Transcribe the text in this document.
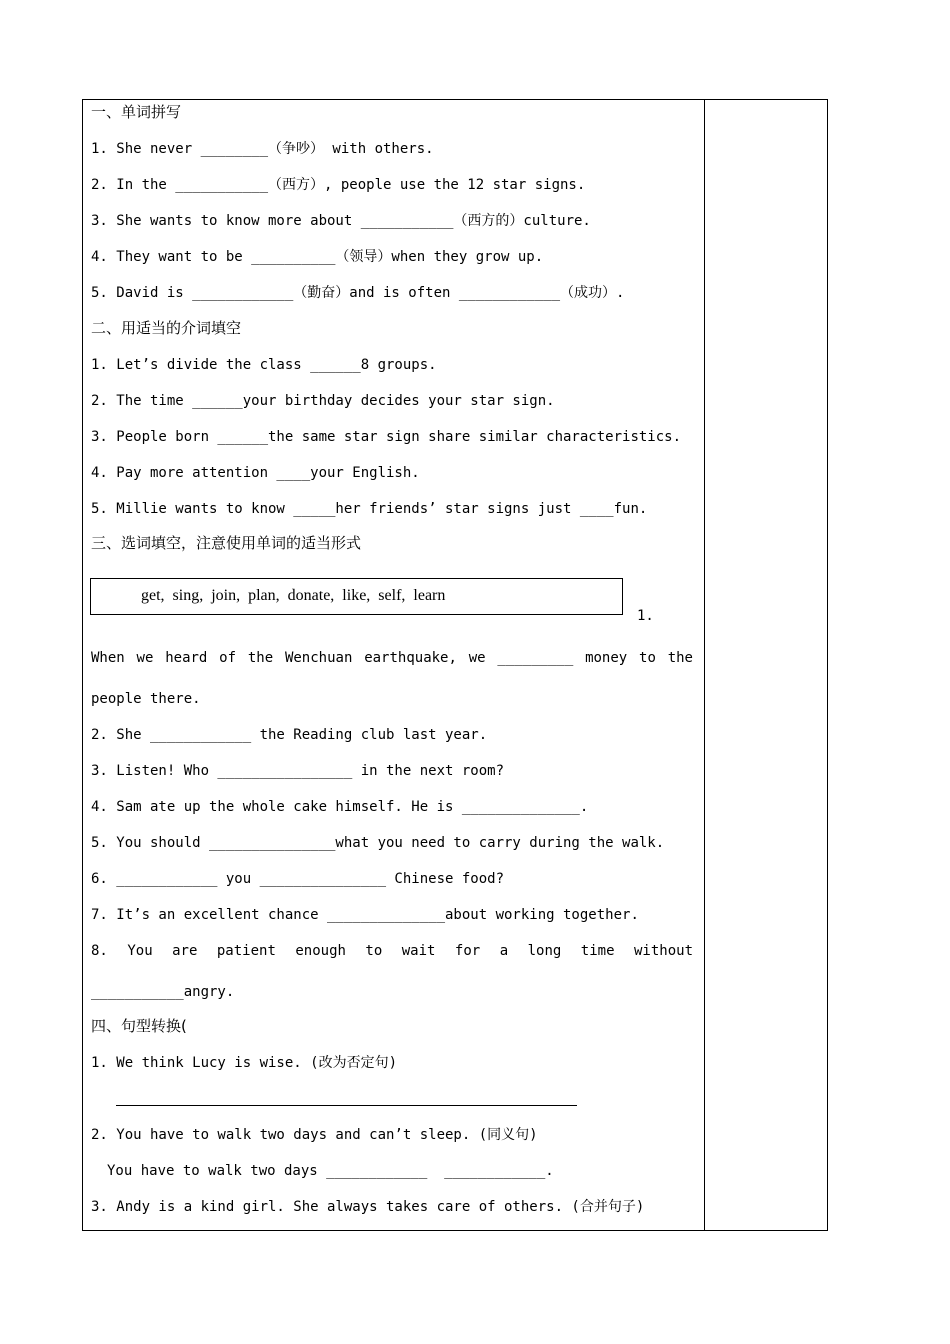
一、单词拼写
1. She never ________（争吵） with others.
2. In the ___________（西方）, people use the 12 star signs.
3. She wants to know more about ___________（西方的）culture.
4. They want to be __________（领导）when they grow up.
5. David is ____________（勤奋）and is often ____________（成功）.
二、用适当的介词填空
1. Let’s divide the class ______8 groups.
2. The time ______your birthday decides your star sign.
3. People born ______the same star sign share similar characteristics.
4. Pay more attention ____your English.
5. Millie wants to know _____her friends’ star signs just ____fun.
三、选词填空，注意使用单词的适当形式
get,  sing,  join,  plan,  donate,  like,  self,  learn
1.
When we heard of the Wenchuan earthquake, we _________ money to the
people there.
2. She ____________ the Reading club last year.
3. Listen! Who ________________ in the next room?
4. Sam ate up the whole cake himself. He is ______________.
5. You should _______________what you need to carry during the walk.
6. ____________ you _______________ Chinese food?
7. It’s an excellent chance ______________about working together.
8. You are patient enough to wait for a long time without
___________angry.
四、句型转换(
1. We think Lucy is wise. (改为否定句)
2. You have to walk two days and can’t sleep. (同义句)
You have to walk two days ____________  ____________.
3. Andy is a kind girl. She always takes care of others. (合并句子)
